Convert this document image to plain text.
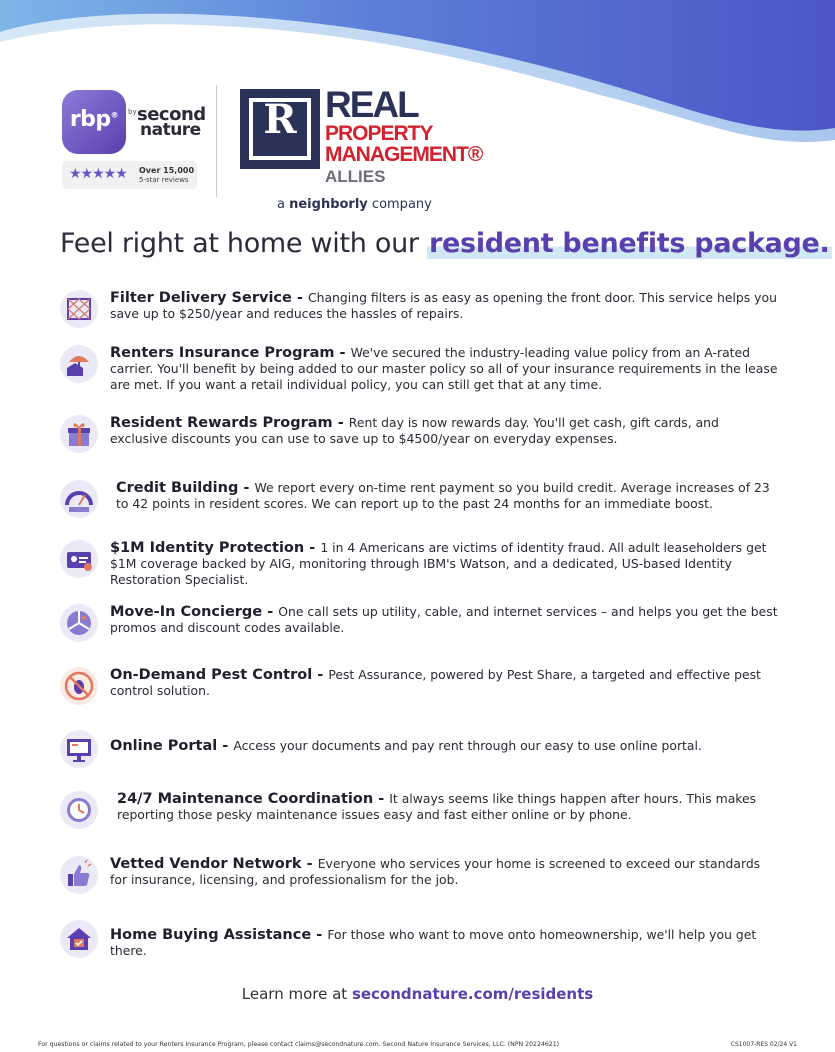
rbp®	by second
nature
★★★★★ Over 15,000
5-star reviews
R REAL
PROPERTY
MANAGEMENT®
ALLIES
a neighborly company
Feel right at home with our resident benefits package.
Filter Delivery Service - Changing filters is as easy as opening the front door. This service helps you save up to $250/year and reduces the hassles of repairs.
Renters Insurance Program - We've secured the industry-leading value policy from an A-rated carrier. You'll benefit by being added to our master policy so all of your insurance requirements in the lease are met. If you want a retail individual policy, you can still get that at any time.
Resident Rewards Program - Rent day is now rewards day. You'll get cash, gift cards, and exclusive discounts you can use to save up to $4500/year on everyday expenses.
Credit Building - We report every on-time rent payment so you build credit. Average increases of 23 to 42 points in resident scores. We can report up to the past 24 months for an immediate boost.
$1M Identity Protection - 1 in 4 Americans are victims of identity fraud. All adult leaseholders get $1M coverage backed by AIG, monitoring through IBM's Watson, and a dedicated, US-based Identity Restoration Specialist.
Move-In Concierge - One call sets up utility, cable, and internet services – and helps you get the best promos and discount codes available.
On-Demand Pest Control - Pest Assurance, powered by Pest Share, a targeted and effective pest control solution.
Online Portal - Access your documents and pay rent through our easy to use online portal.
24/7 Maintenance Coordination - It always seems like things happen after hours. This makes reporting those pesky maintenance issues easy and fast either online or by phone.
Vetted Vendor Network - Everyone who services your home is screened to exceed our standards for insurance, licensing, and professionalism for the job.
Home Buying Assistance - For those who want to move onto homeownership, we'll help you get there.
Learn more at secondnature.com/residents
For questions or claims related to your Renters Insurance Program, please contact claims@secondnature.com. Second Nature Insurance Services, LLC. (NPN 20224621)	CS1007-RES 02/24 V1
